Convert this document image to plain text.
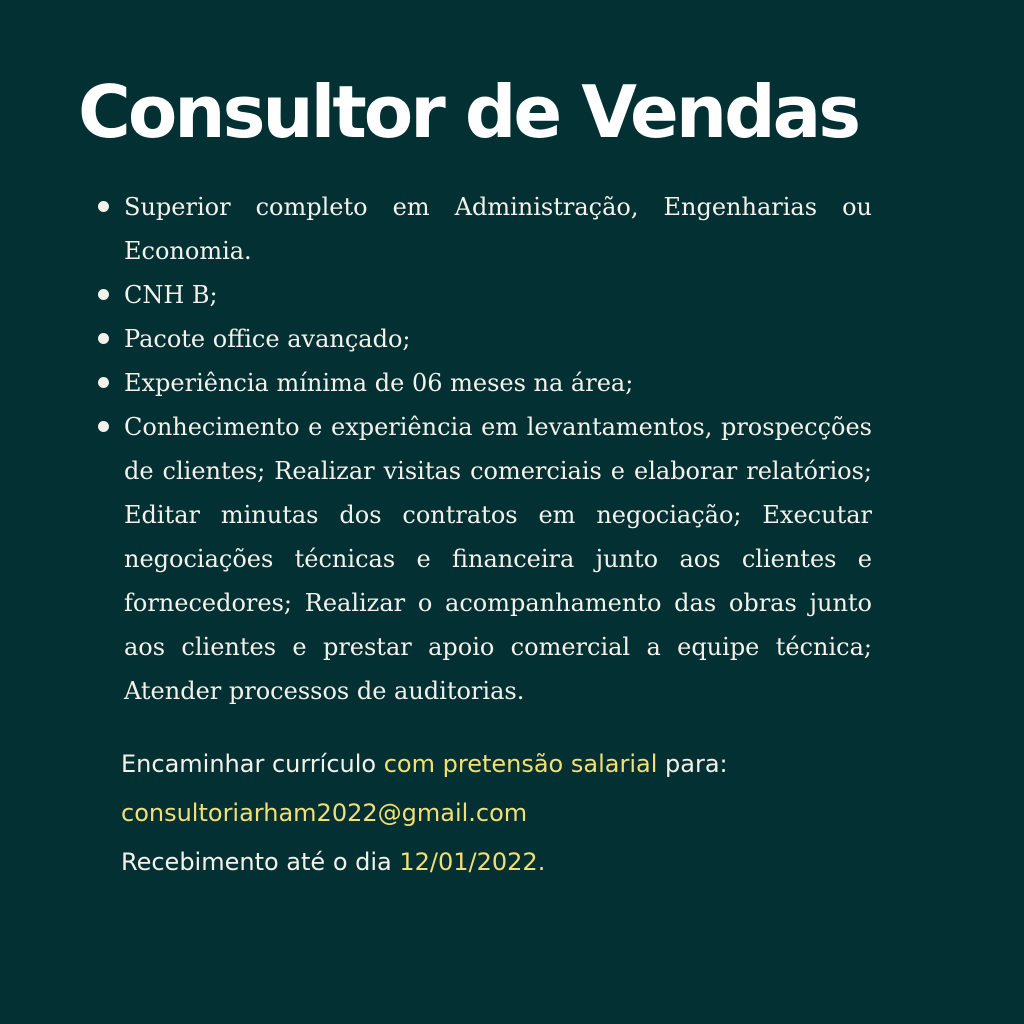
Consultor de Vendas
Superior completo em Administração, Engenharias ou Economia.
CNH B;
Pacote office avançado;
Experiência mínima de 06 meses na área;
Conhecimento e experiência em levantamentos, prospecções de clientes; Realizar visitas comerciais e elaborar relatórios; Editar minutas dos contratos em negociação; Executar negociações técnicas e financeira junto aos clientes e fornecedores; Realizar o acompanhamento das obras junto aos clientes e prestar apoio comercial a equipe técnica; Atender processos de auditorias.
Encaminhar currículo com pretensão salarial para:
consultoriarham2022@gmail.com
Recebimento até o dia 12/01/2022.
